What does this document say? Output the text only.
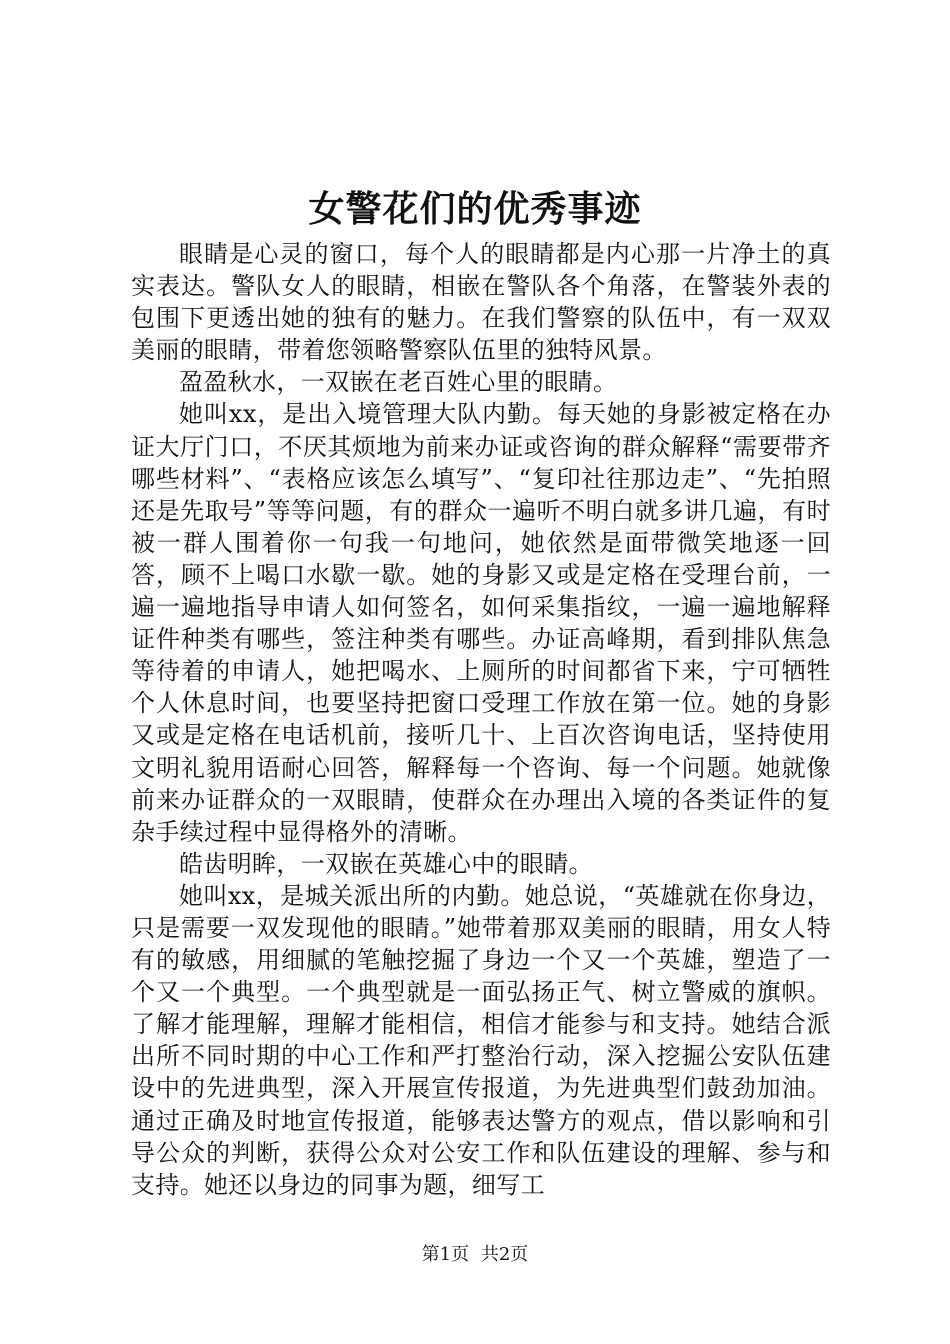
女警花们的优秀事迹

眼睛是心灵的窗口，每个人的眼睛都是内心那一片净土的真实表达。警队女人的眼睛，相嵌在警队各个角落，在警装外表的包围下更透出她的独有的魅力。在我们警察的队伍中，有一双双美丽的眼睛，带着您领略警察队伍里的独特风景。

盈盈秋水，一双嵌在老百姓心里的眼睛。

她叫xx，是出入境管理大队内勤。每天她的身影被定格在办证大厅门口，不厌其烦地为前来办证或咨询的群众解释“需要带齐哪些材料”、“表格应该怎么填写”、“复印社往那边走”、“先拍照还是先取号”等等问题，有的群众一遍听不明白就多讲几遍，有时被一群人围着你一句我一句地问，她依然是面带微笑地逐一回答，顾不上喝口水歇一歇。她的身影又或是定格在受理台前，一遍一遍地指导申请人如何签名，如何采集指纹，一遍一遍地解释证件种类有哪些，签注种类有哪些。办证高峰期，看到排队焦急等待着的申请人，她把喝水、上厕所的时间都省下来，宁可牺牲个人休息时间，也要坚持把窗口受理工作放在第一位。她的身影又或是定格在电话机前，接听几十、上百次咨询电话，坚持使用文明礼貌用语耐心回答，解释每一个咨询、每一个问题。她就像前来办证群众的一双眼睛，使群众在办理出入境的各类证件的复杂手续过程中显得格外的清晰。

皓齿明眸，一双嵌在英雄心中的眼睛。

她叫xx，是城关派出所的内勤。她总说，“英雄就在你身边，只是需要一双发现他的眼睛。”她带着那双美丽的眼睛，用女人特有的敏感，用细腻的笔触挖掘了身边一个又一个英雄，塑造了一个又一个典型。一个典型就是一面弘扬正气、树立警威的旗帜。了解才能理解，理解才能相信，相信才能参与和支持。她结合派出所不同时期的中心工作和严打整治行动，深入挖掘公安队伍建设中的先进典型，深入开展宣传报道，为先进典型们鼓劲加油。通过正确及时地宣传报道，能够表达警方的观点，借以影响和引导公众的判断，获得公众对公安工作和队伍建设的理解、参与和支持。她还以身边的同事为题，细写工

第1页 共2页
